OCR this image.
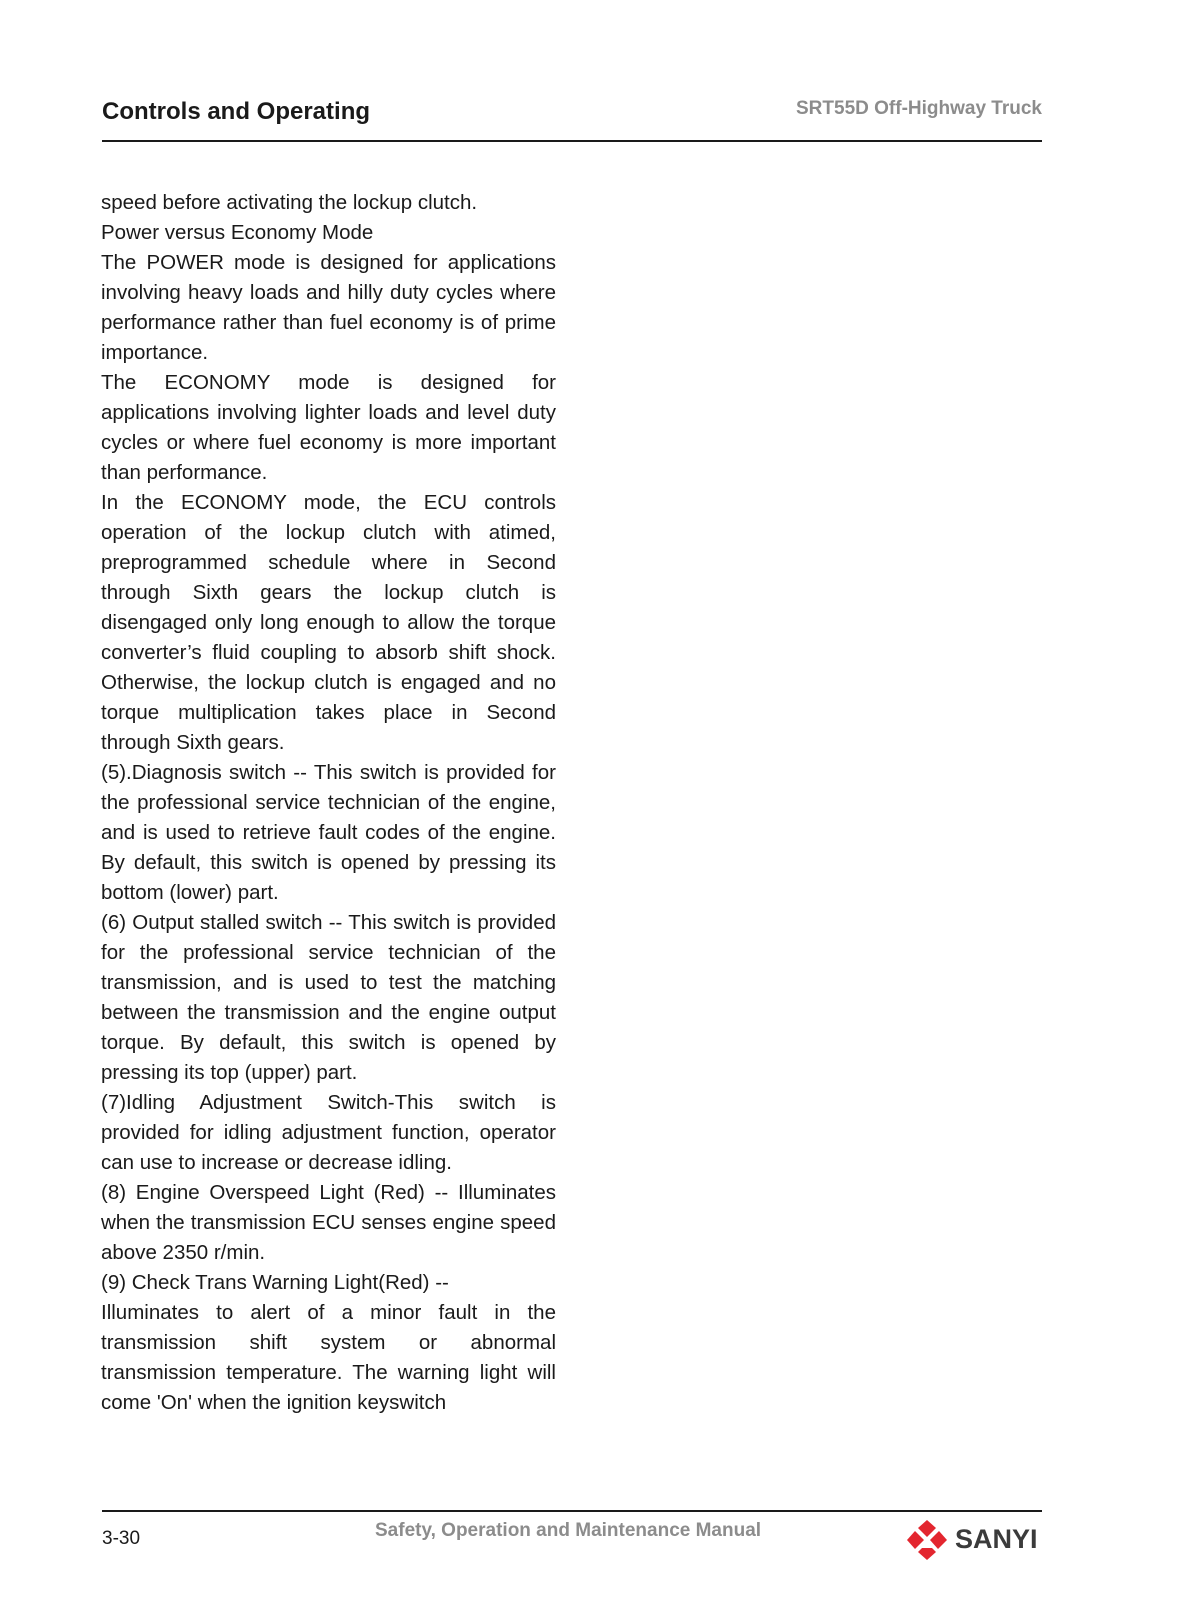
Controls and Operating	SRT55D Off-Highway Truck

speed before activating the lockup clutch.

Power versus Economy Mode

The POWER mode is designed for applications involving heavy loads and hilly duty cycles where performance rather than fuel economy is of prime importance.

The ECONOMY mode is designed for applications involving lighter loads and level duty cycles or where fuel economy is more important than performance.

In the ECONOMY mode, the ECU controls operation of the lockup clutch with atimed, preprogrammed schedule where in Second through Sixth gears the lockup clutch is disengaged only long enough to allow the torque converter’s fluid coupling to absorb shift shock. Otherwise, the lockup clutch is engaged and no torque multiplication takes place in Second through Sixth gears.

(5).Diagnosis switch -- This switch is provided for the professional service technician of the engine, and is used to retrieve fault codes of the engine. By default, this switch is opened by pressing its bottom (lower) part.

(6) Output stalled switch -- This switch is provided for the professional service technician of the transmission, and is used to test the matching between the transmission and the engine output torque. By default, this switch is opened by pressing its top (upper) part.

(7)Idling Adjustment Switch-This switch is provided for idling adjustment function, operator can use to increase or decrease idling.

(8) Engine Overspeed Light (Red) -- Illuminates when the transmission ECU senses engine speed above 2350 r/min.

(9) Check Trans Warning Light(Red) --

Illuminates to alert of a minor fault in the transmission shift system or abnormal transmission temperature. The warning light will come 'On' when the ignition keyswitch

3-30	Safety, Operation and Maintenance Manual	SANYI
